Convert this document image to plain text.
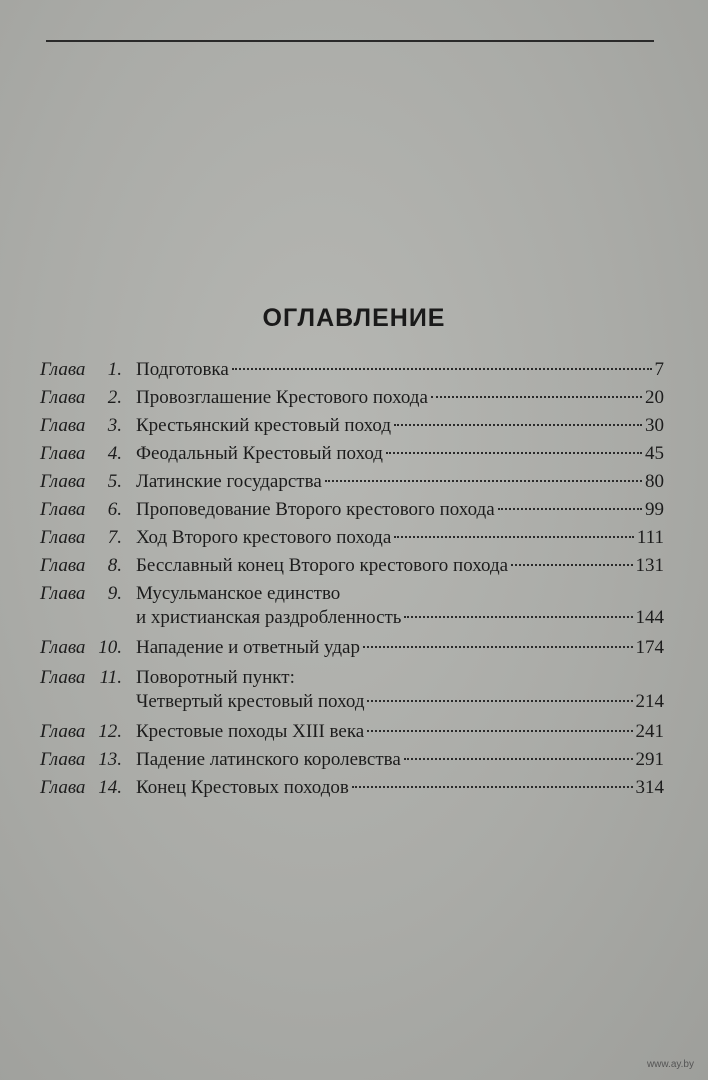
ОГЛАВЛЕНИЕ
Глава 1. Подготовка	7
Глава 2. Провозглашение Крестового похода	20
Глава 3. Крестьянский крестовый поход	30
Глава 4. Феодальный Крестовый поход	45
Глава 5. Латинские государства	80
Глава 6. Проповедование Второго крестового похода	99
Глава 7. Ход Второго крестового похода	111
Глава 8. Бесславный конец Второго крестового похода	131
Глава 9. Мусульманское единство
и христианская раздробленность	144
Глава 10. Нападение и ответный удар	174
Глава 11. Поворотный пункт:
Четвертый крестовый поход	214
Глава 12. Крестовые походы XIII века	241
Глава 13. Падение латинского королевства	291
Глава 14. Конец Крестовых походов	314
www.ay.by
